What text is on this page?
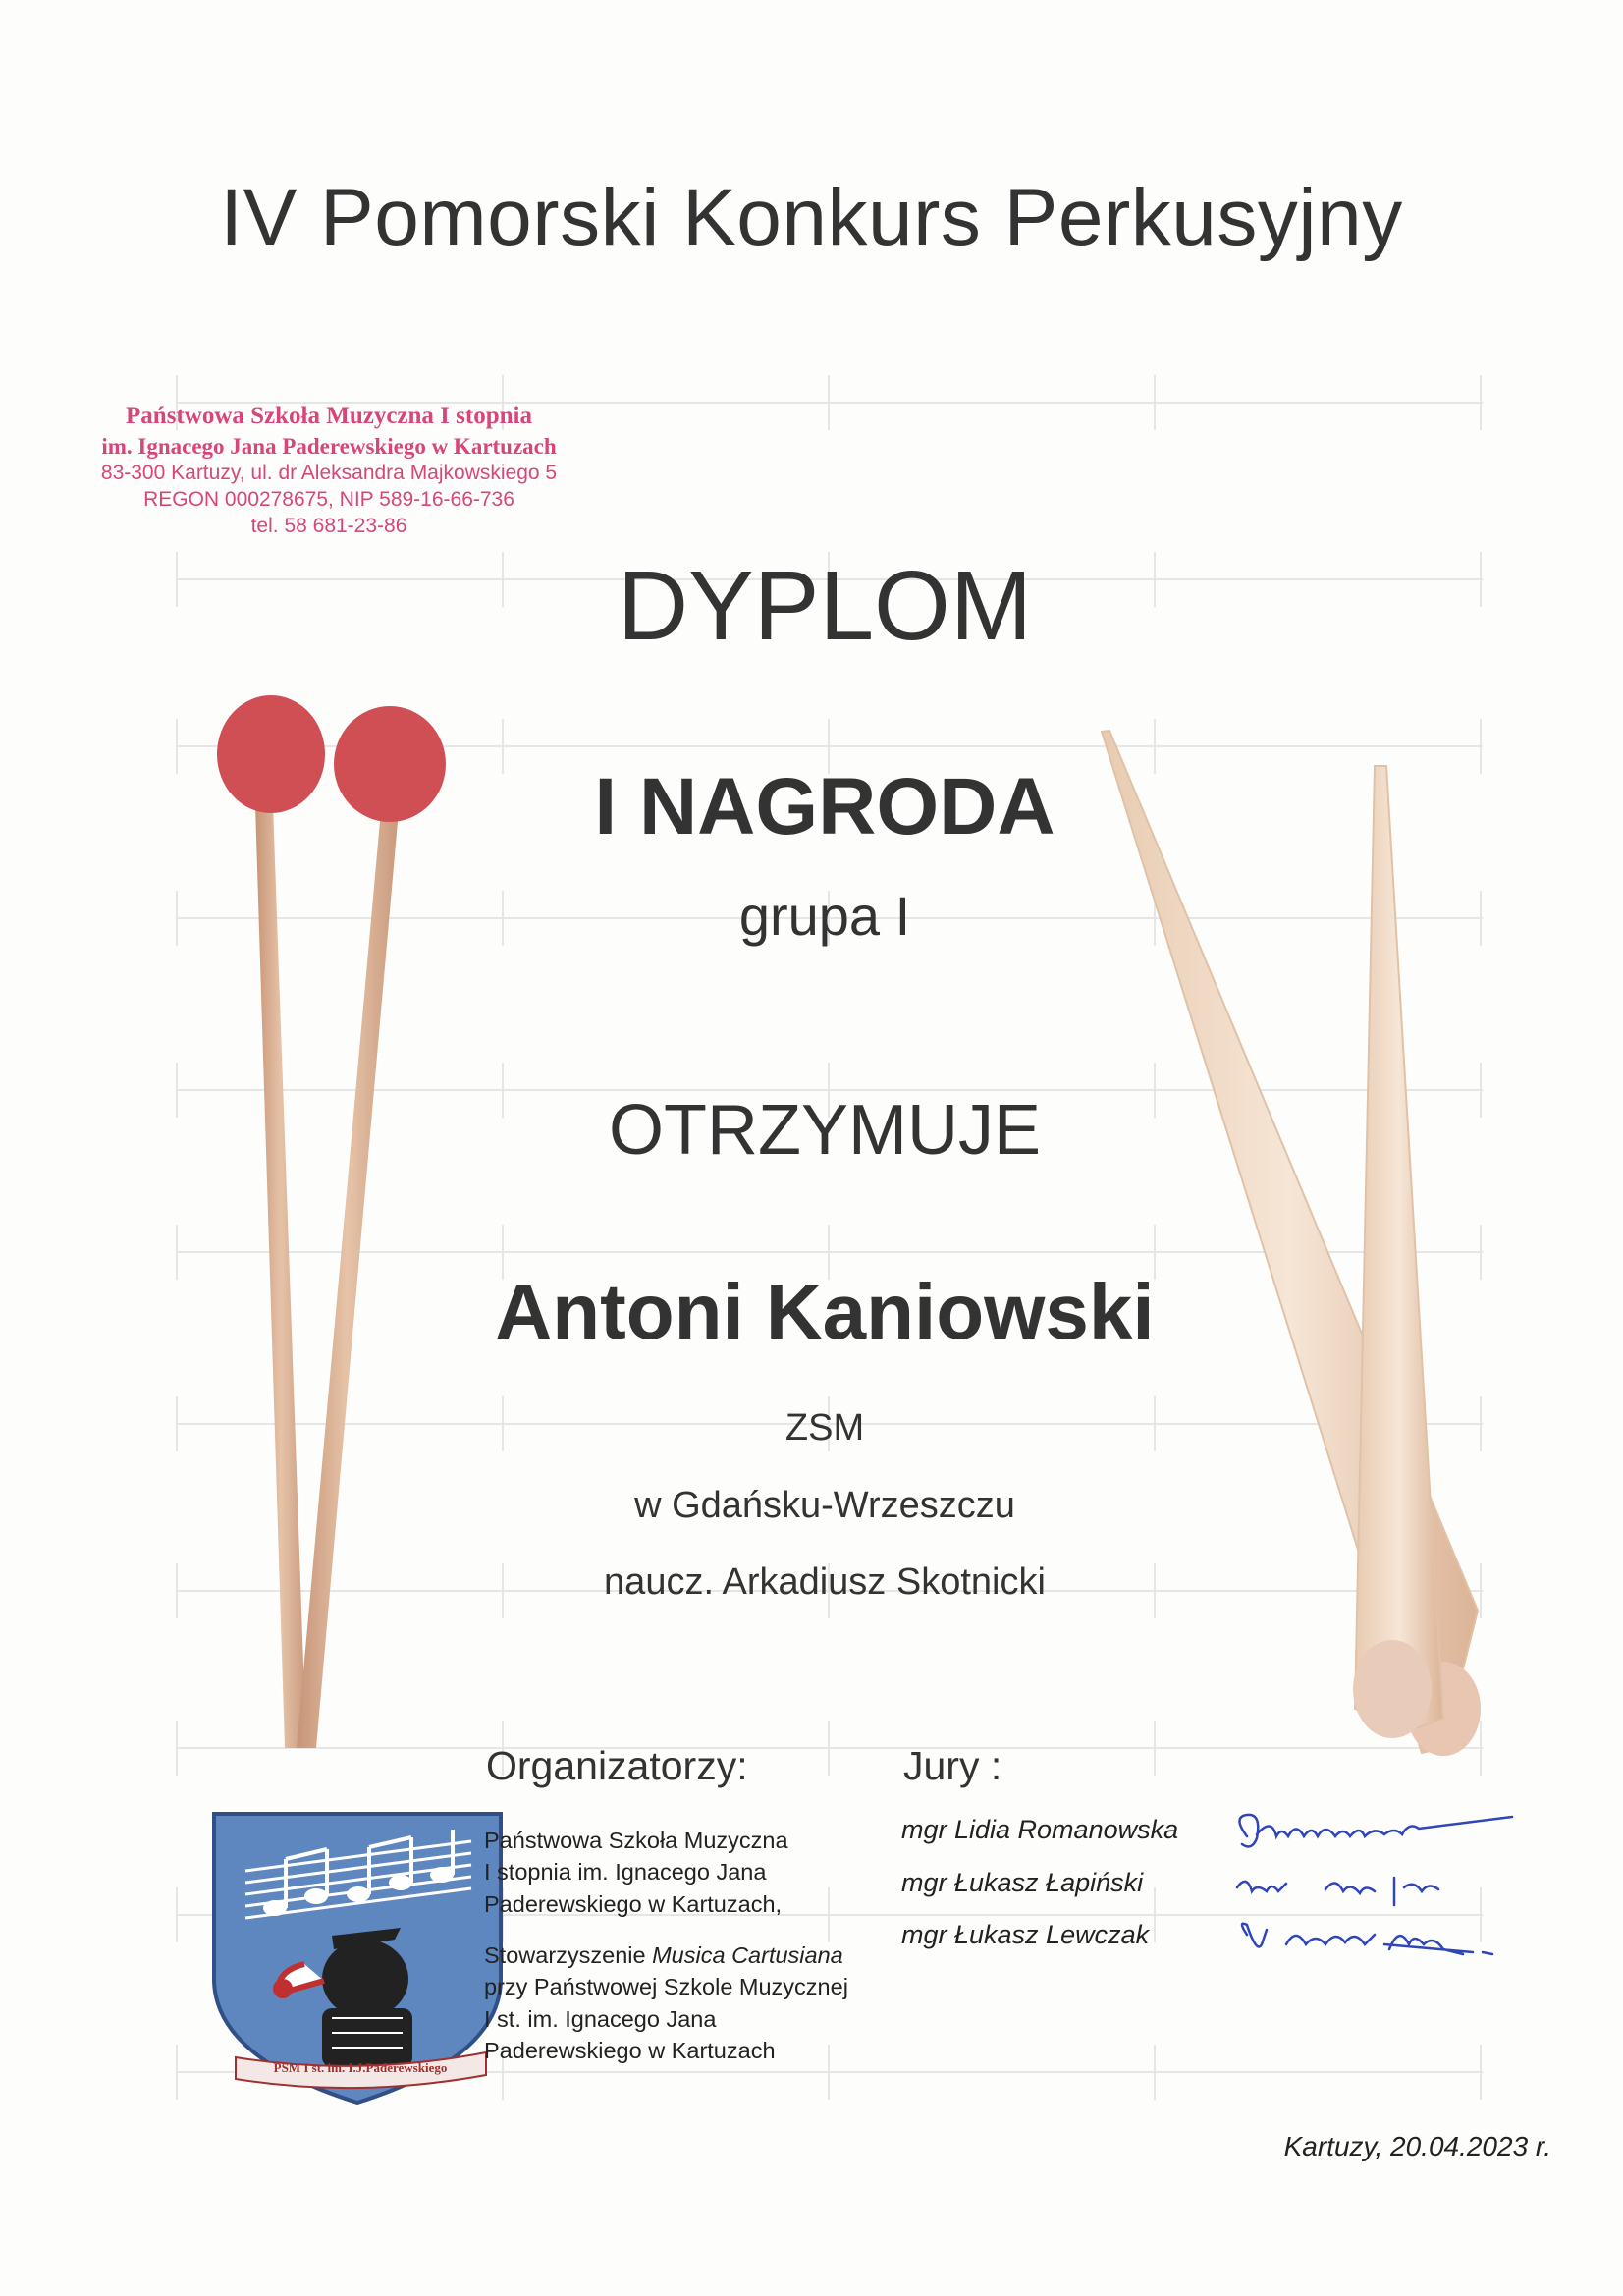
IV Pomorski Konkurs Perkusyjny
Państwowa Szkoła Muzyczna I stopnia
im. Ignacego Jana Paderewskiego w Kartuzach
83-300 Kartuzy, ul. dr Aleksandra Majkowskiego 5
REGON 000278675, NIP 589-16-66-736
tel. 58 681-23-86
DYPLOM
I NAGRODA
grupa I
OTRZYMUJE
Antoni Kaniowski
ZSM
w Gdańsku-Wrzeszczu
naucz. Arkadiusz Skotnicki
PSM I st. im. I.J.Paderewskiego
Organizatorzy:
Państwowa Szkoła Muzyczna
I stopnia im. Ignacego Jana
Paderewskiego w Kartuzach,
Stowarzyszenie Musica Cartusiana
przy Państwowej Szkole Muzycznej
I st. im. Ignacego Jana
Paderewskiego w Kartuzach
Jury :
mgr Lidia Romanowska
mgr Łukasz Łapiński
mgr Łukasz Lewczak
Kartuzy, 20.04.2023 r.
